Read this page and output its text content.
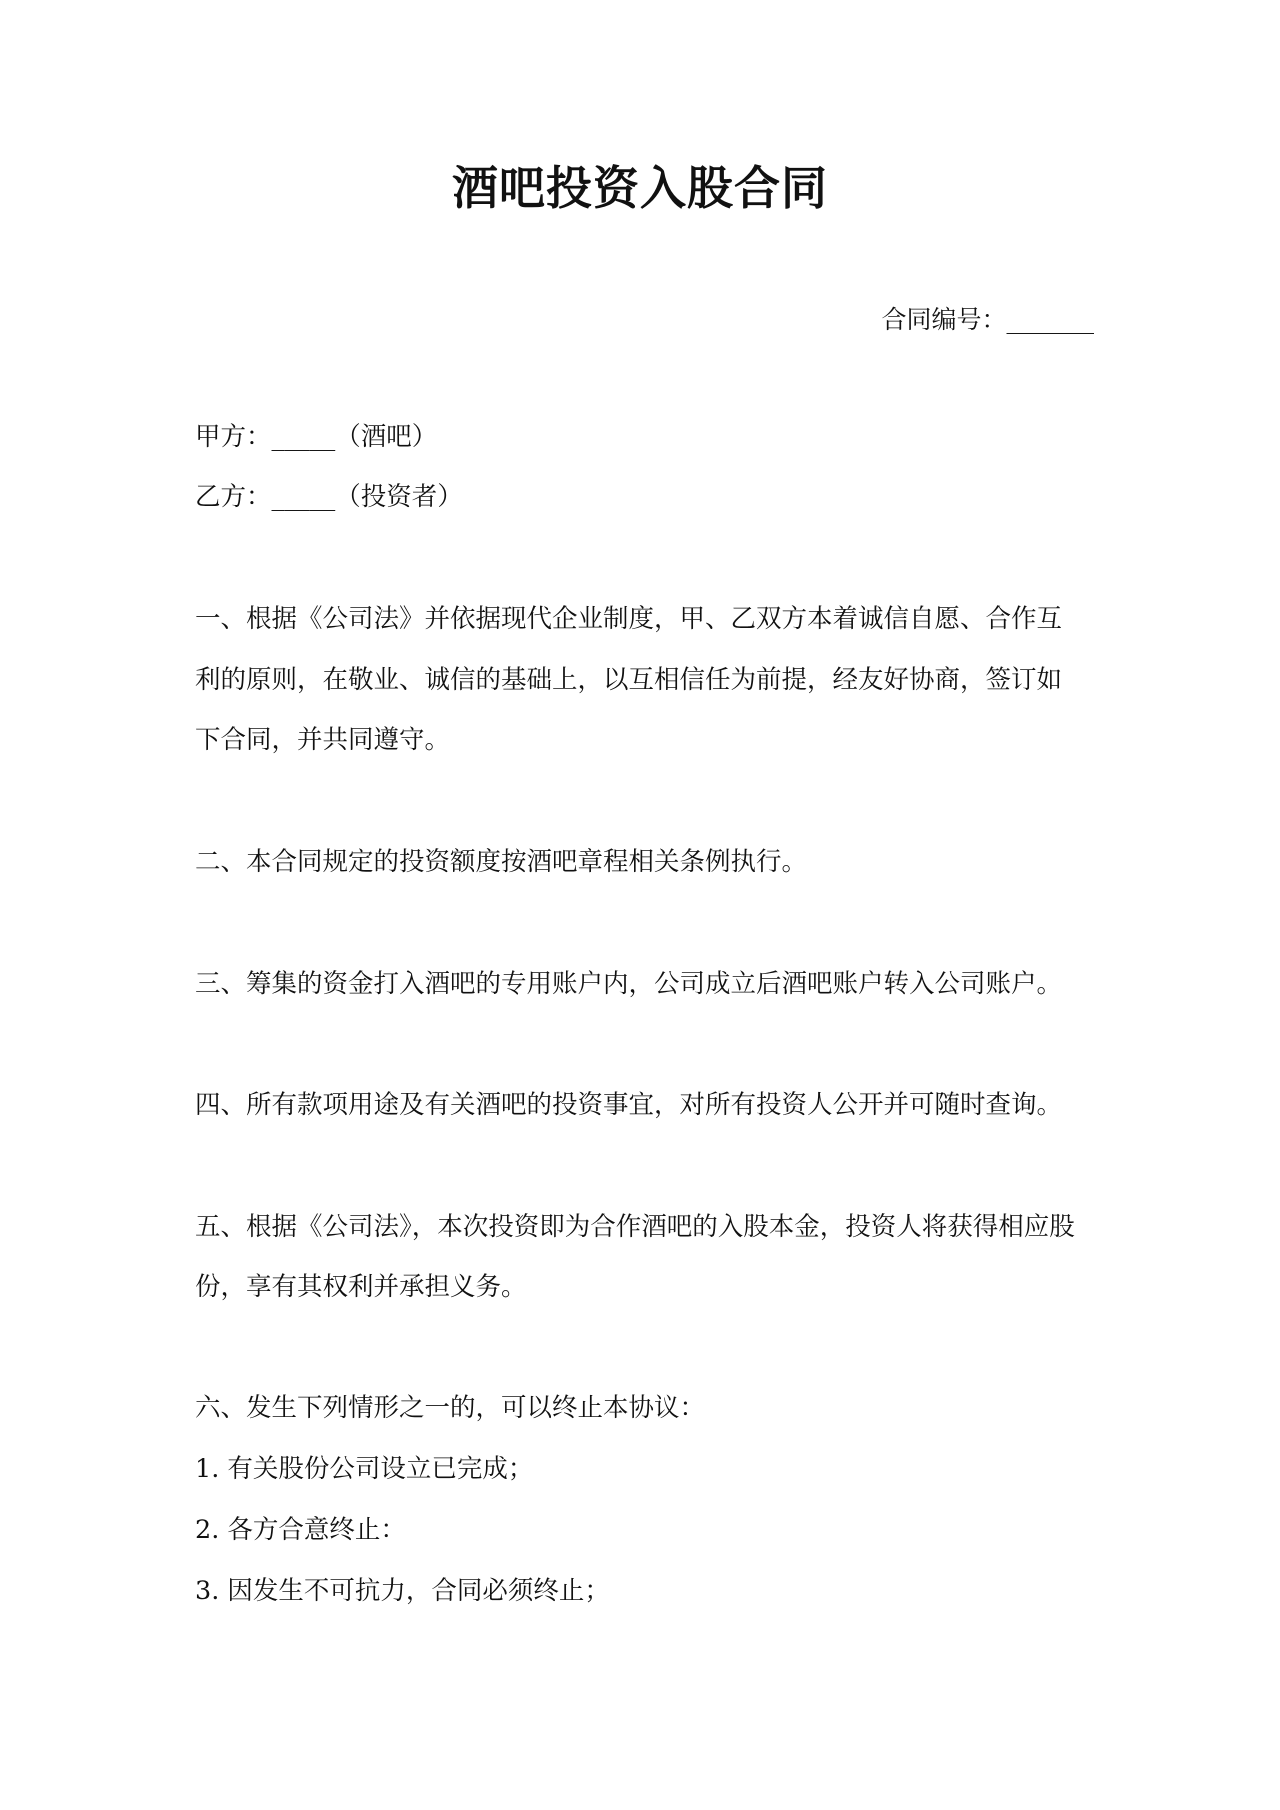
酒吧投资入股合同
合同编号：_______
甲方：_____（酒吧）
乙方：_____（投资者）
一、根据《公司法》并依据现代企业制度，甲、乙双方本着诚信自愿、合作互
利的原则，在敬业、诚信的基础上，以互相信任为前提，经友好协商，签订如
下合同，并共同遵守。
二、本合同规定的投资额度按酒吧章程相关条例执行。
三、筹集的资金打入酒吧的专用账户内，公司成立后酒吧账户转入公司账户。
四、所有款项用途及有关酒吧的投资事宜，对所有投资人公开并可随时查询。
五、根据《公司法》，本次投资即为合作酒吧的入股本金，投资人将获得相应股
份，享有其权利并承担义务。
六、发生下列情形之一的，可以终止本协议：
1. 有关股份公司设立已完成；
2. 各方合意终止：
3. 因发生不可抗力，合同必须终止；
